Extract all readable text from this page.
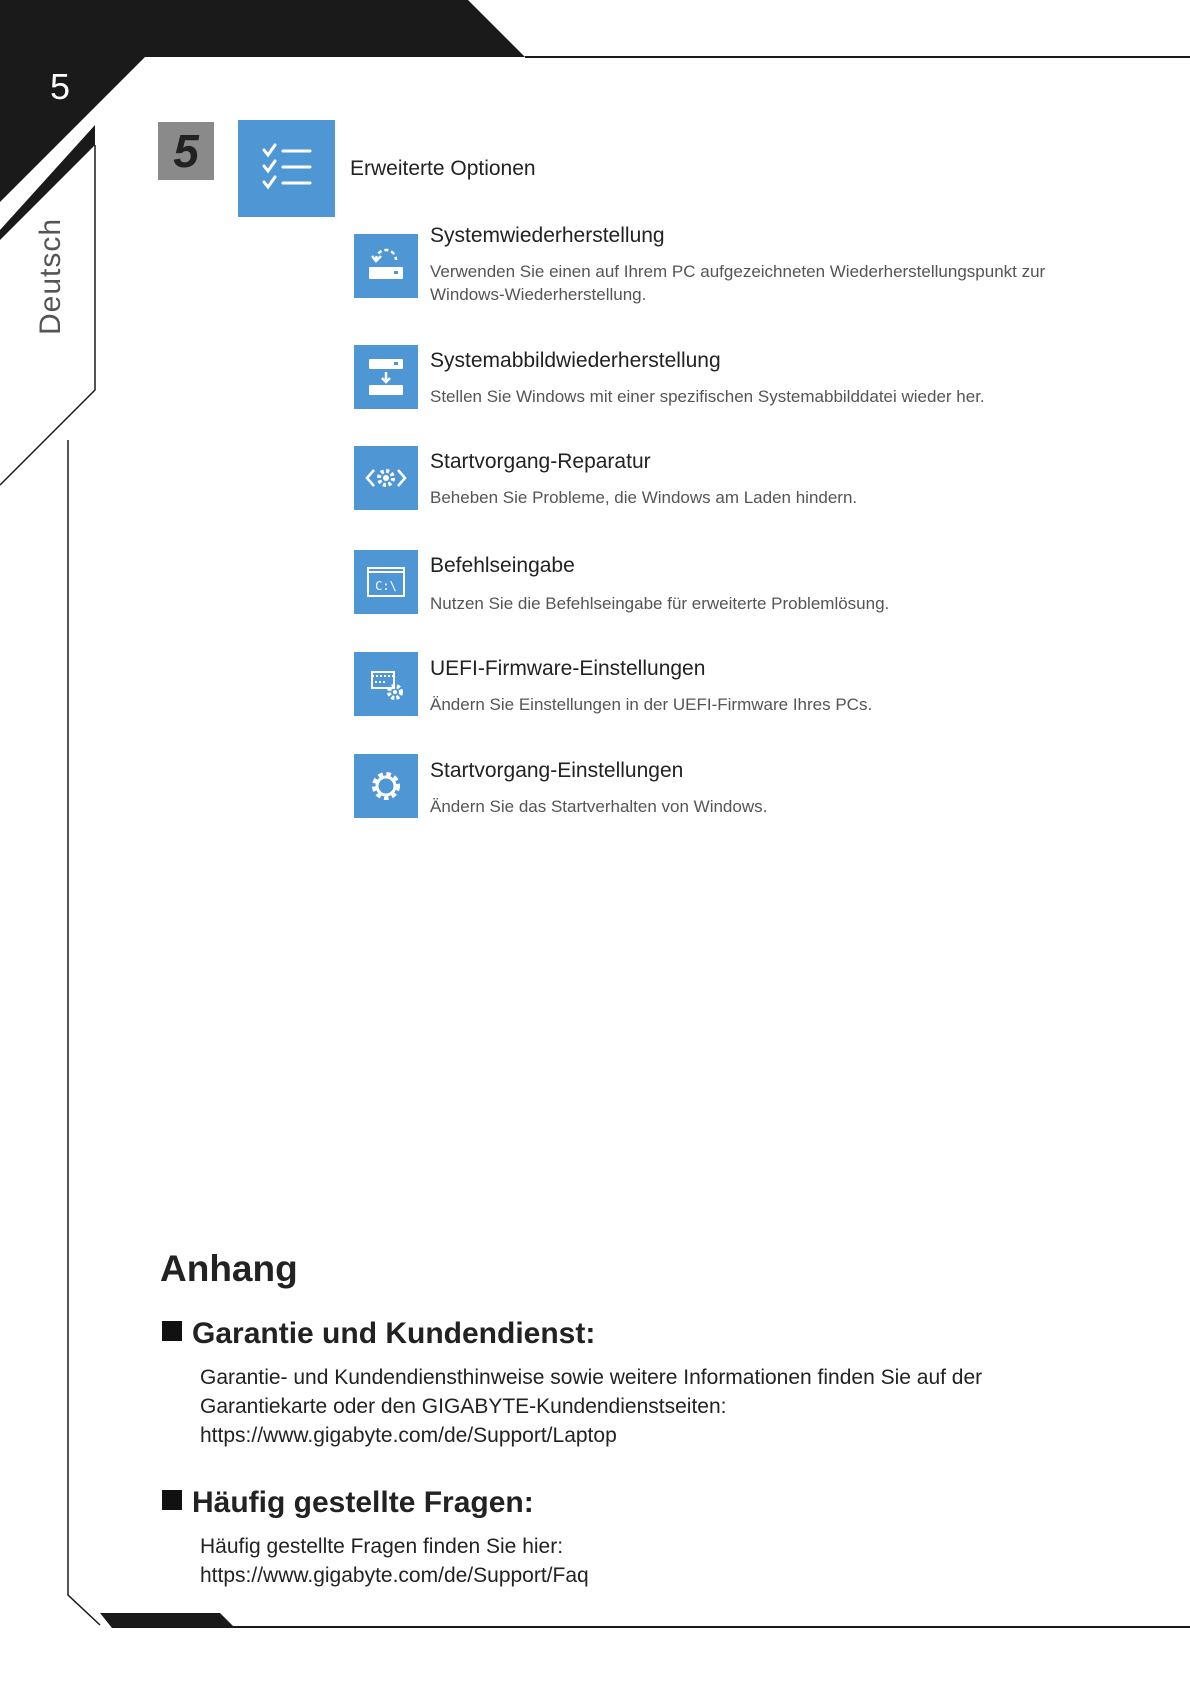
5
Deutsch
5	Erweiterte Optionen
Systemwiederherstellung
Verwenden Sie einen auf Ihrem PC aufgezeichneten Wiederherstellungspunkt zur Windows-Wiederherstellung.
Systemabbildwiederherstellung
Stellen Sie Windows mit einer spezifischen Systemabbilddatei wieder her.
Startvorgang-Reparatur
Beheben Sie Probleme, die Windows am Laden hindern.
C:\
Befehlseingabe
Nutzen Sie die Befehlseingabe für erweiterte Problemlösung.
UEFI-Firmware-Einstellungen
Ändern Sie Einstellungen in der UEFI-Firmware Ihres PCs.
Startvorgang-Einstellungen
Ändern Sie das Startverhalten von Windows.
Anhang
Garantie und Kundendienst:
Garantie- und Kundendiensthinweise sowie weitere Informationen finden Sie auf der
Garantiekarte oder den GIGABYTE-Kundendienstseiten:
https://www.gigabyte.com/de/Support/Laptop
Häufig gestellte Fragen:
Häufig gestellte Fragen finden Sie hier:
https://www.gigabyte.com/de/Support/Faq
